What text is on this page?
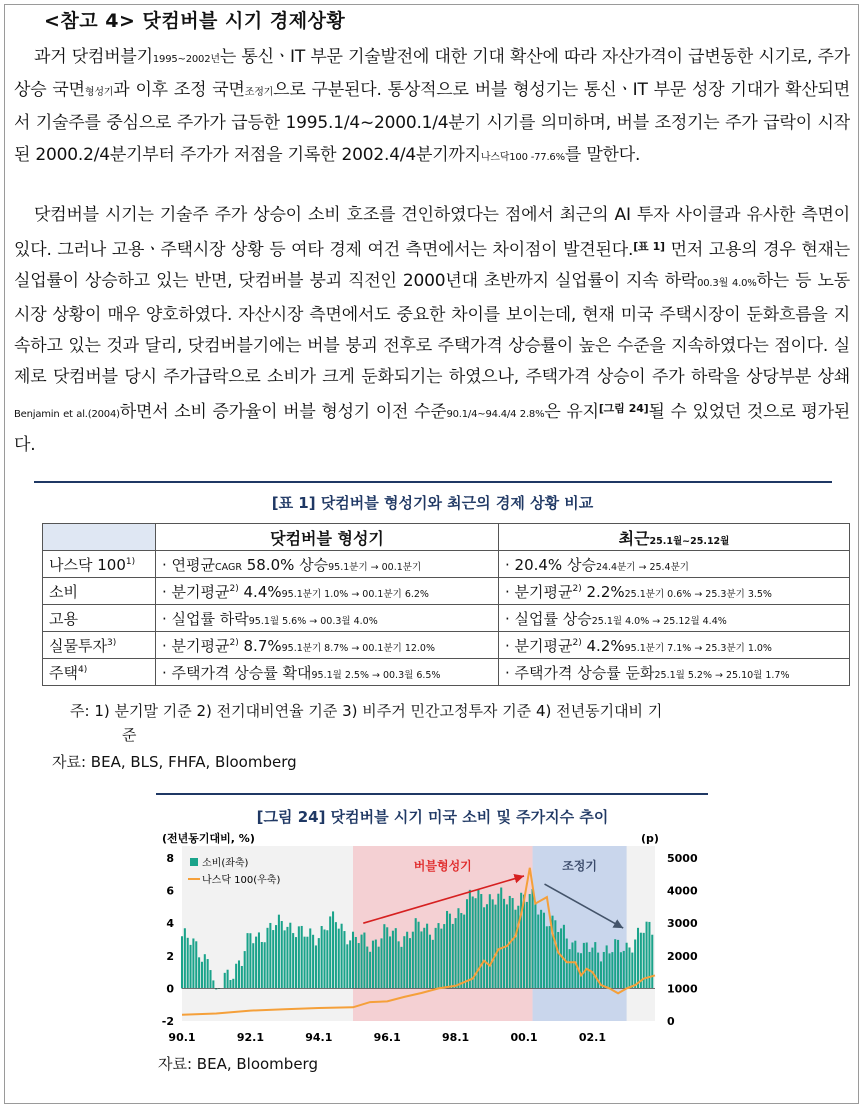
<참고 4> 닷컴버블 시기 경제상황
과거 닷컴버블기1995~2002년는 통신ㆍIT 부문 기술발전에 대한 기대 확산에 따라 자산가격이 급변동한 시기로, 주가 상승 국면형성기과 이후 조정 국면조정기으로 구분된다. 통상적으로 버블 형성기는 통신ㆍIT 부문 성장 기대가 확산되면서 기술주를 중심으로 주가가 급등한 1995.1/4~2000.1/4분기 시기를 의미하며, 버블 조정기는 주가 급락이 시작된 2000.2/4분기부터 주가가 저점을 기록한 2002.4/4분기까지나스닥100 -77.6%를 말한다.
닷컴버블 시기는 기술주 주가 상승이 소비 호조를 견인하였다는 점에서 최근의 AI 투자 사이클과 유사한 측면이 있다. 그러나 고용ㆍ주택시장 상황 등 여타 경제 여건 측면에서는 차이점이 발견된다.[표 1] 먼저 고용의 경우 현재는 실업률이 상승하고 있는 반면, 닷컴버블 붕괴 직전인 2000년대 초반까지 실업률이 지속 하락00.3월 4.0%하는 등 노동시장 상황이 매우 양호하였다. 자산시장 측면에서도 중요한 차이를 보이는데, 현재 미국 주택시장이 둔화흐름을 지속하고 있는 것과 달리, 닷컴버블기에는 버블 붕괴 전후로 주택가격 상승률이 높은 수준을 지속하였다는 점이다. 실제로 닷컴버블 당시 주가급락으로 소비가 크게 둔화되기는 하였으나, 주택가격 상승이 주가 하락을 상당부분 상쇄Benjamin et al.(2004)하면서 소비 증가율이 버블 형성기 이전 수준90.1/4~94.4/4 2.8%은 유지[그림 24]될 수 있었던 것으로 평가된다.
[표 1] 닷컴버블 형성기와 최근의 경제 상황 비교
	닷컴버블 형성기	최근25.1월~25.12월
나스닥 $100^{1)}$	· 연평균CAGR 58.0% 상승95.1분기 → 00.1분기	· 20.4% 상승24.4분기 → 25.4분기
소비	· 분기평균$^{2)}$ 4.4%95.1분기 1.0% → 00.1분기 6.2%	· 분기평균$^{2)}$ 2.2%25.1분기 0.6% → 25.3분기 3.5%
고용	· 실업률 하락95.1월 5.6% → 00.3월 4.0%	· 실업률 상승25.1월 4.0% → 25.12월 4.4%
실물투자$^{3)}$	· 분기평균$^{2)}$ 8.7%95.1분기 8.7% → 00.1분기 12.0%	· 분기평균$^{2)}$ 4.2%95.1분기 7.1% → 25.3분기 1.0%
주택$^{4)}$	· 주택가격 상승률 확대95.1월 2.5% → 00.3월 6.5%	· 주택가격 상승률 둔화25.1월 5.2% → 25.10월 1.7%
주: 1) 분기말 기준 2) 전기대비연율 기준 3) 비주거 민간고정투자 기준 4) 전년동기대비 기
준
자료: BEA, BLS, FHFA, Bloomberg
[그림 24] 닷컴버블 시기 미국 소비 및 주가지수 추이
버블형성기	조정기
8
6
4
2
0
-2
5000
4000
3000
2000
1000
0
90.1	92.1	94.1	96.1	98.1	00.1	02.1
(전년동기대비, %)	(p)
소비(좌축)
나스닥 100(우축)
자료: BEA, Bloomberg
